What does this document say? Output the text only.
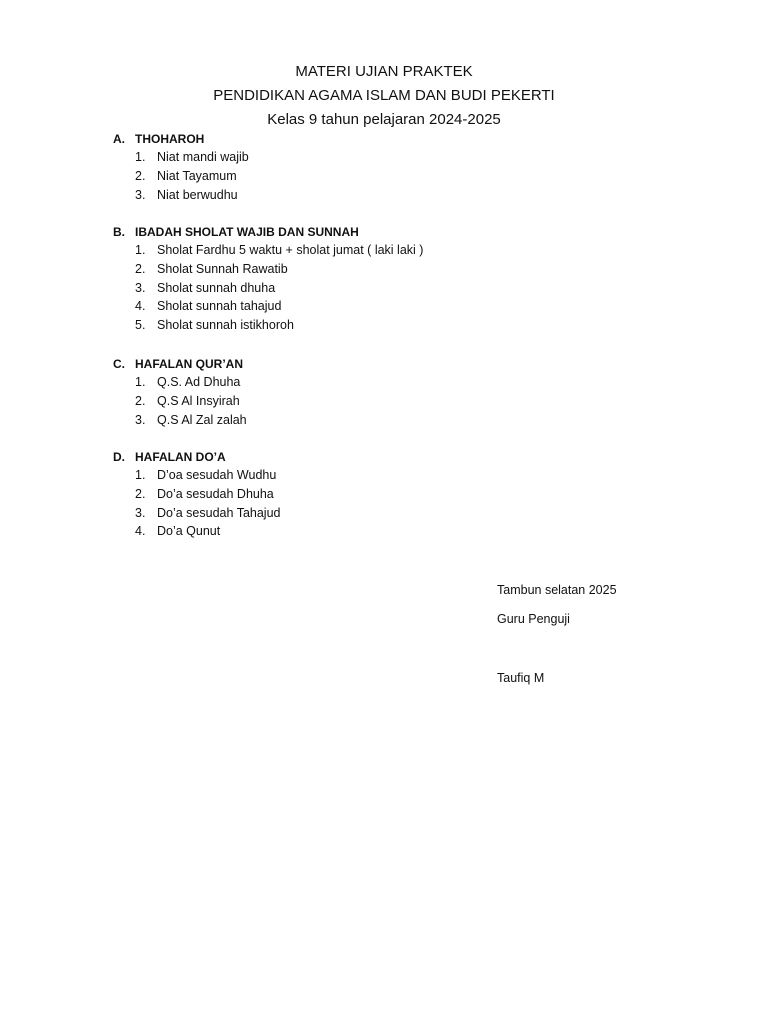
MATERI UJIAN PRAKTEK
PENDIDIKAN AGAMA ISLAM DAN BUDI PEKERTI
Kelas 9 tahun pelajaran 2024-2025
A. THOHAROH
1. Niat mandi wajib
2. Niat Tayamum
3. Niat berwudhu
B. IBADAH SHOLAT WAJIB DAN SUNNAH
1. Sholat Fardhu 5 waktu + sholat jumat ( laki laki )
2. Sholat Sunnah Rawatib
3. Sholat sunnah dhuha
4. Sholat sunnah tahajud
5. Sholat sunnah istikhoroh
C. HAFALAN QUR’AN
1. Q.S. Ad Dhuha
2. Q.S Al Insyirah
3. Q.S Al Zal zalah
D. HAFALAN DO’A
1. D’oa sesudah Wudhu
2. Do’a sesudah Dhuha
3. Do’a sesudah Tahajud
4. Do’a Qunut
Tambun selatan 2025
Guru Penguji
Taufiq M
